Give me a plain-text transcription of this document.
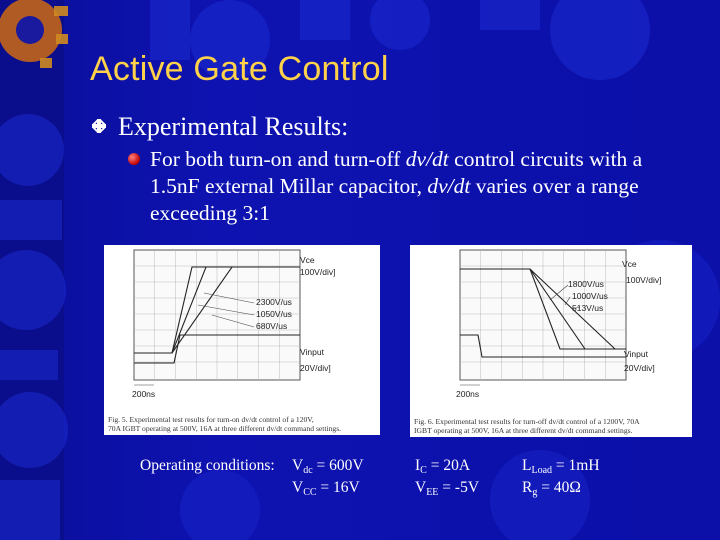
Active Gate Control
Experimental Results:
For both turn-on and turn-off dv/dt control circuits with a 1.5nF external Millar capacitor, dv/dt varies over a range exceeding 3:1
Vce
100V/div]
2300V/us
1050V/us
680V/us
Vinput
20V/div]
200ns
Fig. 5. Experimental test results for turn-on dv/dt control of a 120V,
70A IGBT operating at 500V, 16A at three different dv/dt command settings.
Vce
100V/div]
1800V/us
1000V/us
513V/us
Vinput
20V/div]
200ns
Fig. 6. Experimental test results for turn-off dv/dt control of a 1200V, 70A
IGBT operating at 500V, 16A at three different dv/dt command settings.
Operating conditions: $V_{dc} = 600V$
$V_{CC} = 16V$
$I_C = 20A$
$V_{EE} = -5V$
$L_{Load} = 1mH$
$R_g = 40\Omega$
